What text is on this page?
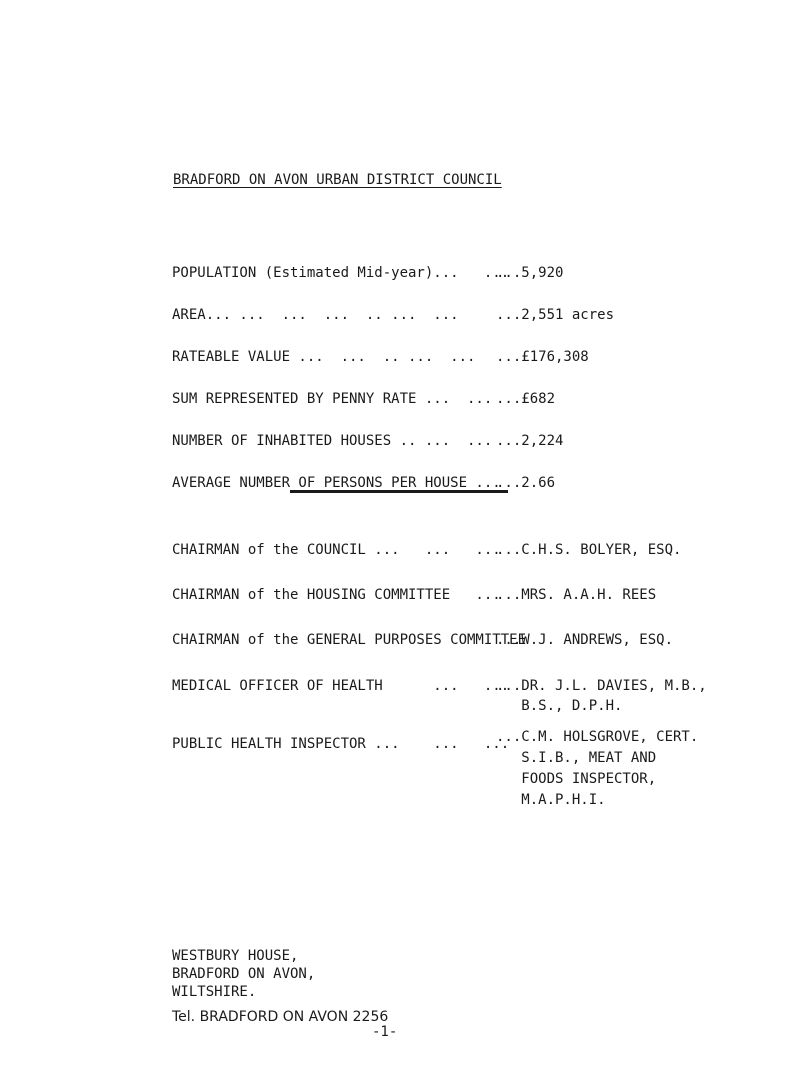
BRADFORD ON AVON URBAN DISTRICT COUNCIL
POPULATION (Estimated Mid-year)...   ...
...5,920
AREA... ...  ...  ...  .. ...  ...	...2,551 acres
RATEABLE VALUE ...  ...  .. ...  ... ...£176,308
SUM REPRESENTED BY PENNY RATE ...  ... ...£682
NUMBER OF INHABITED HOUSES .. ...  ... ...2,224
AVERAGE NUMBER OF PERSONS PER HOUSE ...
...2.66
CHAIRMAN of the COUNCIL ...   ...   ...
...C.H.S. BOLYER, ESQ.
CHAIRMAN of the HOUSING COMMITTEE   ...
...MRS. A.A.H. REES
CHAIRMAN of the GENERAL PURPOSES COMMITTEE
...W.J. ANDREWS, ESQ.
MEDICAL OFFICER OF HEALTH      ...   ...
...DR. J.L. DAVIES, M.B.,
B.S., D.P.H.
PUBLIC HEALTH INSPECTOR ...    ...   ...
...C.M. HOLSGROVE, CERT.
S.I.B., MEAT AND
FOODS INSPECTOR,
M.A.P.H.I.
WESTBURY HOUSE,
BRADFORD ON AVON,
WILTSHIRE.
Tel. BRADFORD ON AVON 2256
-1-
